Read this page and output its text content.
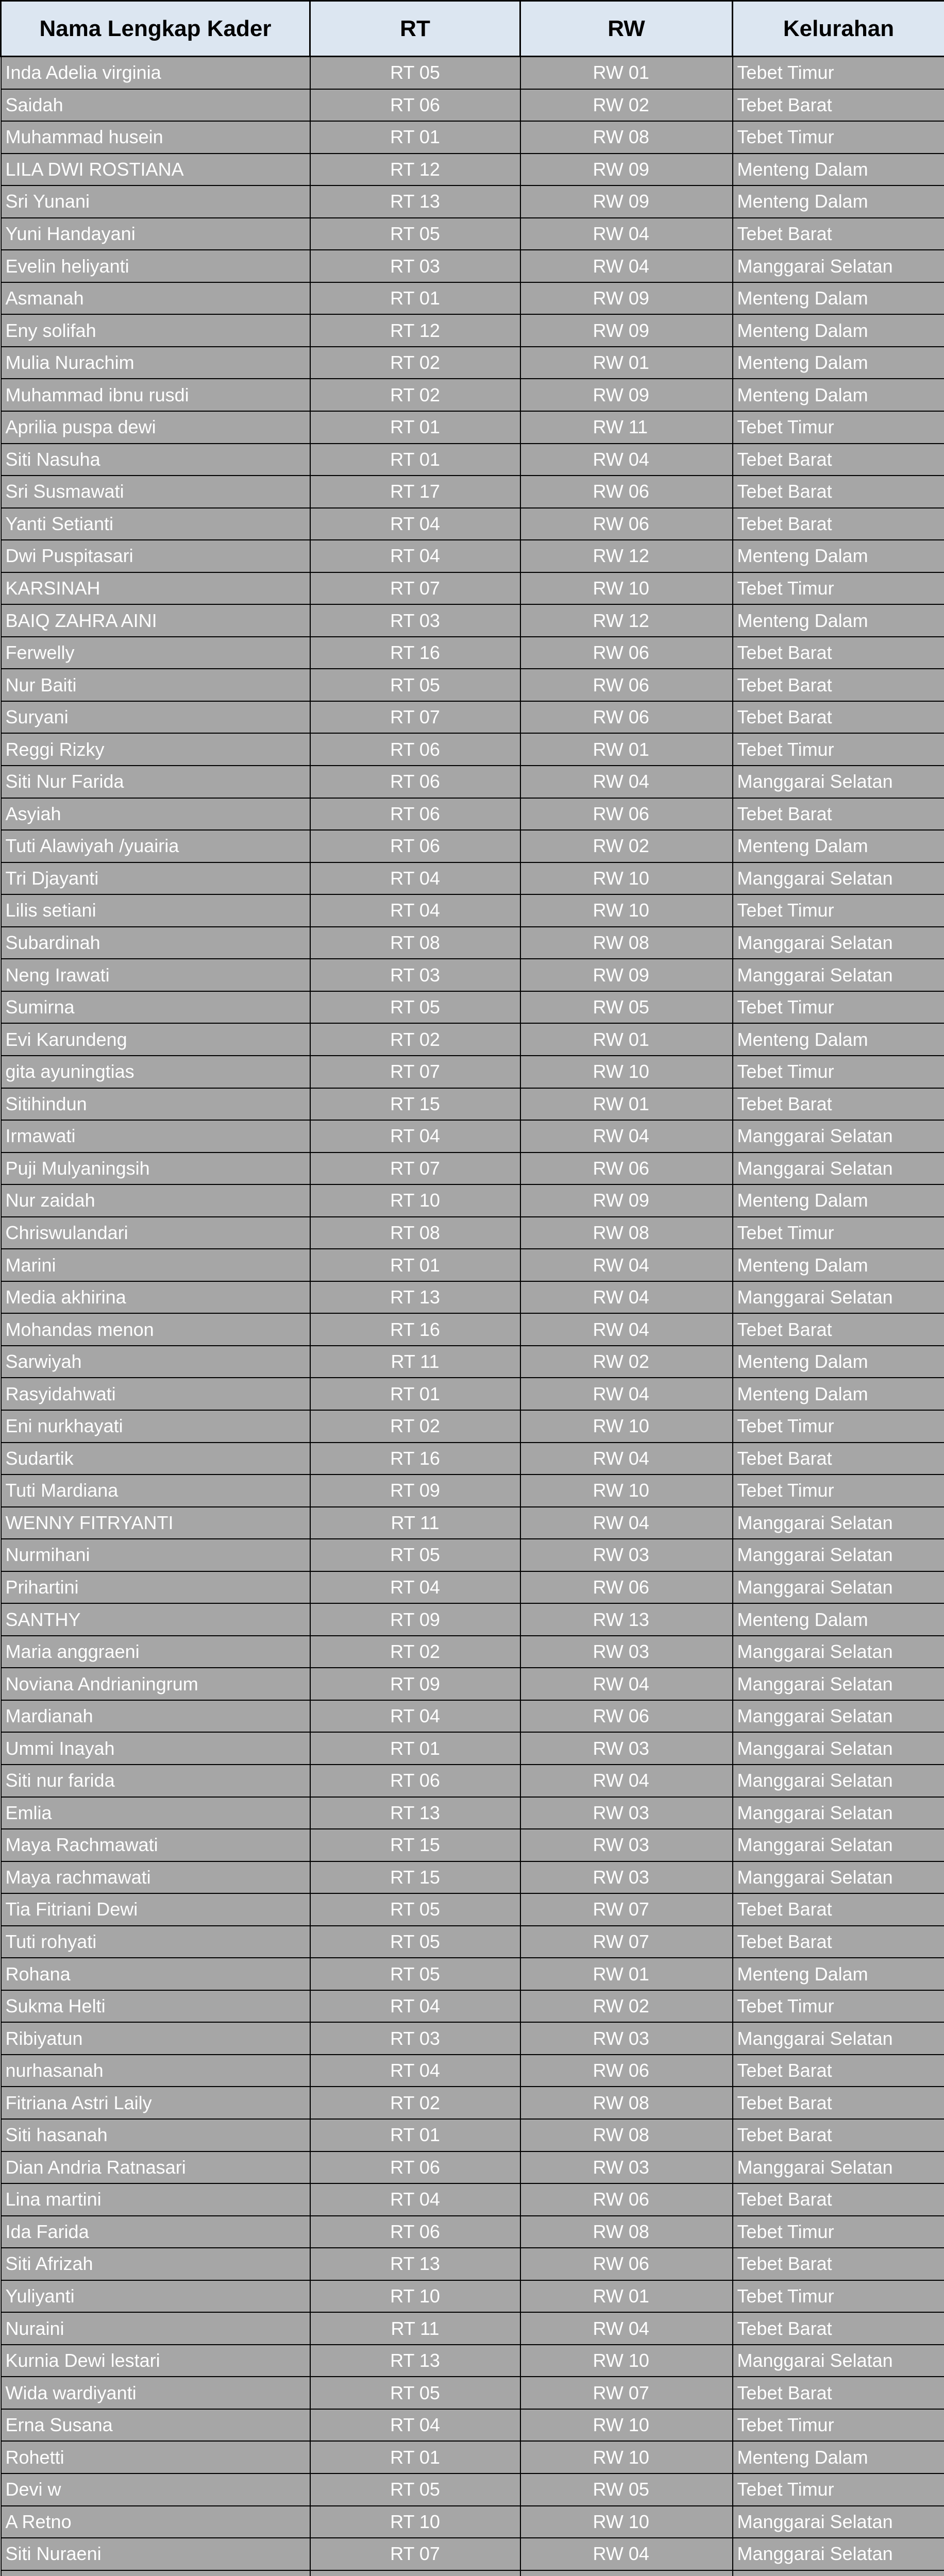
Nama Lengkap Kader	RT	RW	Kelurahan
Inda Adelia virginia	RT 05	RW 01	Tebet Timur
Saidah	RT 06	RW 02	Tebet Barat
Muhammad husein	RT 01	RW 08	Tebet Timur
LILA DWI ROSTIANA	RT 12	RW 09	Menteng Dalam
Sri Yunani	RT 13	RW 09	Menteng Dalam
Yuni Handayani	RT 05	RW 04	Tebet Barat
Evelin heliyanti	RT 03	RW 04	Manggarai Selatan
Asmanah	RT 01	RW 09	Menteng Dalam
Eny solifah	RT 12	RW 09	Menteng Dalam
Mulia Nurachim	RT 02	RW 01	Menteng Dalam
Muhammad ibnu rusdi	RT 02	RW 09	Menteng Dalam
Aprilia puspa dewi	RT 01	RW 11	Tebet Timur
Siti Nasuha	RT 01	RW 04	Tebet Barat
Sri Susmawati	RT 17	RW 06	Tebet Barat
Yanti Setianti	RT 04	RW 06	Tebet Barat
Dwi Puspitasari	RT 04	RW 12	Menteng Dalam
KARSINAH	RT 07	RW 10	Tebet Timur
BAIQ ZAHRA AINI	RT 03	RW 12	Menteng Dalam
Ferwelly	RT 16	RW 06	Tebet Barat
Nur Baiti	RT 05	RW 06	Tebet Barat
Suryani	RT 07	RW 06	Tebet Barat
Reggi Rizky	RT 06	RW 01	Tebet Timur
Siti Nur Farida	RT 06	RW 04	Manggarai Selatan
Asyiah	RT 06	RW 06	Tebet Barat
Tuti Alawiyah /yuairia	RT 06	RW 02	Menteng Dalam
Tri Djayanti	RT 04	RW 10	Manggarai Selatan
Lilis setiani	RT 04	RW 10	Tebet Timur
Subardinah	RT 08	RW 08	Manggarai Selatan
Neng Irawati	RT 03	RW 09	Manggarai Selatan
Sumirna	RT 05	RW 05	Tebet Timur
Evi Karundeng	RT 02	RW 01	Menteng Dalam
gita ayuningtias	RT 07	RW 10	Tebet Timur
Sitihindun	RT 15	RW 01	Tebet Barat
Irmawati	RT 04	RW 04	Manggarai Selatan
Puji Mulyaningsih	RT 07	RW 06	Manggarai Selatan
Nur zaidah	RT 10	RW 09	Menteng Dalam
Chriswulandari	RT 08	RW 08	Tebet Timur
Marini	RT 01	RW 04	Menteng Dalam
Media akhirina	RT 13	RW 04	Manggarai Selatan
Mohandas menon	RT 16	RW 04	Tebet Barat
Sarwiyah	RT 11	RW 02	Menteng Dalam
Rasyidahwati	RT 01	RW 04	Menteng Dalam
Eni nurkhayati	RT 02	RW 10	Tebet Timur
Sudartik	RT 16	RW 04	Tebet Barat
Tuti Mardiana	RT 09	RW 10	Tebet Timur
WENNY FITRYANTI	RT 11	RW 04	Manggarai Selatan
Nurmihani	RT 05	RW 03	Manggarai Selatan
Prihartini	RT 04	RW 06	Manggarai Selatan
SANTHY	RT 09	RW 13	Menteng Dalam
Maria anggraeni	RT 02	RW 03	Manggarai Selatan
Noviana Andrianingrum	RT 09	RW 04	Manggarai Selatan
Mardianah	RT 04	RW 06	Manggarai Selatan
Ummi Inayah	RT 01	RW 03	Manggarai Selatan
Siti nur farida	RT 06	RW 04	Manggarai Selatan
Emlia	RT 13	RW 03	Manggarai Selatan
Maya Rachmawati	RT 15	RW 03	Manggarai Selatan
Maya rachmawati	RT 15	RW 03	Manggarai Selatan
Tia Fitriani Dewi	RT 05	RW 07	Tebet Barat
Tuti rohyati	RT 05	RW 07	Tebet Barat
Rohana	RT 05	RW 01	Menteng Dalam
Sukma Helti	RT 04	RW 02	Tebet Timur
Ribiyatun	RT 03	RW 03	Manggarai Selatan
nurhasanah	RT 04	RW 06	Tebet Barat
Fitriana Astri Laily	RT 02	RW 08	Tebet Barat
Siti hasanah	RT 01	RW 08	Tebet Barat
Dian Andria Ratnasari	RT 06	RW 03	Manggarai Selatan
Lina martini	RT 04	RW 06	Tebet Barat
Ida Farida	RT 06	RW 08	Tebet Timur
Siti Afrizah	RT 13	RW 06	Tebet Barat
Yuliyanti	RT 10	RW 01	Tebet Timur
Nuraini	RT 11	RW 04	Tebet Barat
Kurnia Dewi lestari	RT 13	RW 10	Manggarai Selatan
Wida wardiyanti	RT 05	RW 07	Tebet Barat
Erna Susana	RT 04	RW 10	Tebet Timur
Rohetti	RT 01	RW 10	Menteng Dalam
Devi w	RT 05	RW 05	Tebet Timur
A Retno	RT 10	RW 10	Manggarai Selatan
Siti Nuraeni	RT 07	RW 04	Manggarai Selatan
